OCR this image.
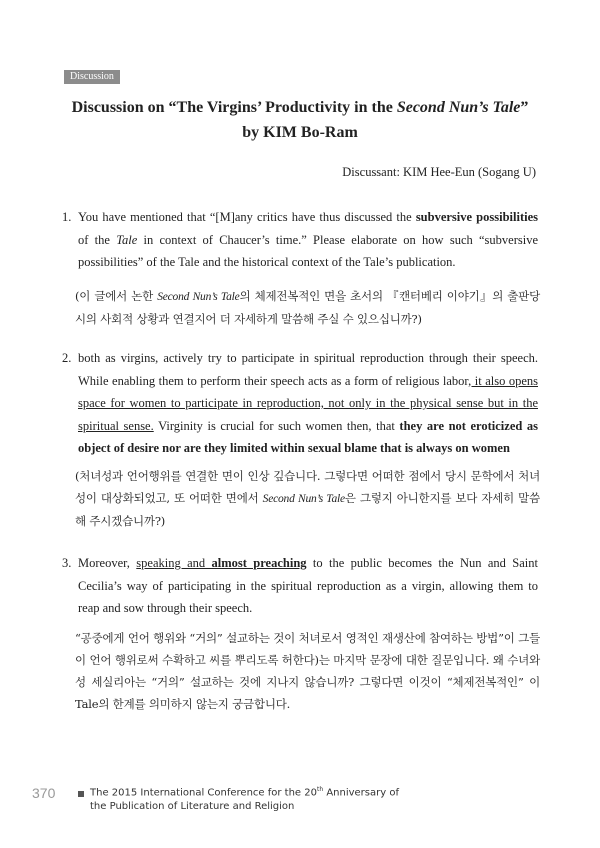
Discussion
Discussion on “The Virgins’ Productivity in the Second Nun’s Tale”
by KIM Bo-Ram
Discussant: KIM Hee-Eun (Sogang U)
1. You have mentioned that “[M]any critics have thus discussed the subversive possibilities of the Tale in context of Chaucer’s time.” Please elaborate on how such “subversive possibilities” of the Tale and the historical context of the Tale’s publication.
(이 글에서 논한 Second Nun’s Tale의 체제전복적인 면을 초서의 『캔터베리 이야기』의 출판당시의 사회적 상황과 연결지어 더 자세하게 말씀해 주실 수 있으십니까?)
2. both as virgins, actively try to participate in spiritual reproduction through their speech. While enabling them to perform their speech acts as a form of religious labor, it also opens space for women to participate in reproduction, not only in the physical sense but in the spiritual sense. Virginity is crucial for such women then, that they are not eroticized as object of desire nor are they limited within sexual blame that is always on women
(처녀성과 언어행위를 연결한 면이 인상 깊습니다. 그렇다면 어떠한 점에서 당시 문학에서 처녀성이 대상화되었고, 또 어떠한 면에서 Second Nun’s Tale은 그렇지 아니한지를 보다 자세히 말씀해 주시겠습니까?)
3. Moreover, speaking and almost preaching to the public becomes the Nun and Saint Cecilia’s way of participating in the spiritual reproduction as a virgin, allowing them to reap and sow through their speech.
“공중에게 언어 행위와 “거의” 설교하는 것이 처녀로서 영적인 재생산에 참여하는 방법”이 그들이 언어 행위로써 수확하고 씨를 뿌리도록 허한다)는 마지막 문장에 대한 질문입니다. 왜 수녀와 성 세실리아는 “거의” 설교하는 것에 지나지 않습니까? 그렇다면 이것이 “체제전복적인” 이 Tale의 한계를 의미하지 않는지 궁금합니다.
370	The 2015 International Conference for the 20th Anniversary of
the Publication of Literature and Religion
